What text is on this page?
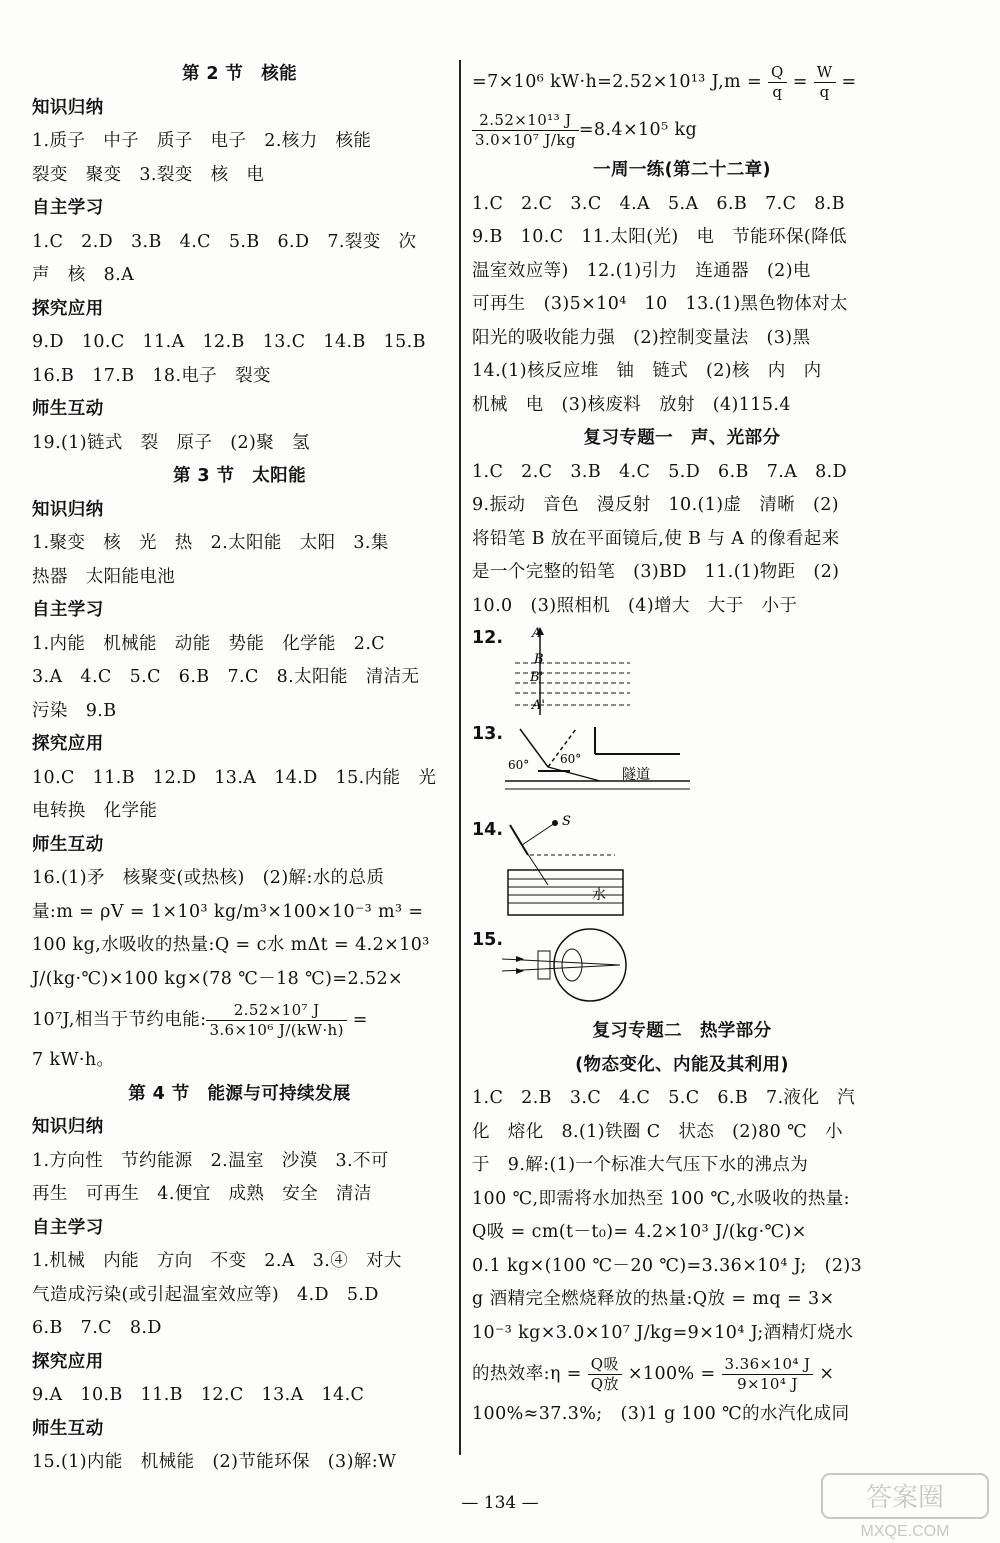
第 2 节　核能
知识归纳
1.质子　中子　质子　电子　2.核力　核能
裂变　聚变　3.裂变　核　电
自主学习
1.C　2.D　3.B　4.C　5.B　6.D　7.裂变　次
声　核　8.A
探究应用
9.D　10.C　11.A　12.B　13.C　14.B　15.B
16.B　17.B　18.电子　裂变
师生互动
19.(1)链式　裂　原子　(2)聚　氢
第 3 节　太阳能
知识归纳
1.聚变　核　光　热　2.太阳能　太阳　3.集
热器　太阳能电池
自主学习
1.内能　机械能　动能　势能　化学能　2.C
3.A　4.C　5.C　6.B　7.C　8.太阳能　清洁无
污染　9.B
探究应用
10.C　11.B　12.D　13.A　14.D　15.内能　光
电转换　化学能
师生互动
16.(1)矛　核聚变(或热核)　(2)解:水的总质
量:m = ρV = 1×10³ kg/m³×100×10⁻³ m³ =
100 kg,水吸收的热量:Q = c水 mΔt = 4.2×10³
J/(kg·℃)×100 kg×(78 ℃－18 ℃)=2.52×
10⁷J,相当于节约电能: $\frac{\text{2.52×10⁷ J}}{\text{3.6×10⁶ J/(kW·h)}}$ =
7 kW·h。
第 4 节　能源与可持续发展
知识归纳
1.方向性　节约能源　2.温室　沙漠　3.不可
再生　可再生　4.便宜　成熟　安全　清洁
自主学习
1.机械　内能　方向　不变　2.A　3.④　对大
气造成污染(或引起温室效应等)　4.D　5.D
6.B　7.C　8.D
探究应用
9.A　10.B　11.B　12.C　13.A　14.C
师生互动
15.(1)内能　机械能　(2)节能环保　(3)解:W
=7×10⁶ kW·h=2.52×10¹³ $J,m = \frac{Q}{q} = \frac{W}{q}$ =
$\frac{\text{2.52×10¹³ J}}{\text{3.0×10⁷ J/kg}} =8.4\times 10^5$ kg
一周一练(第二十二章)
1.C　2.C　3.C　4.A　5.A　6.B　7.C　8.B
9.B　10.C　11.太阳(光)　电　节能环保(降低
温室效应等)　12.(1)引力　连通器　(2)电
可再生　(3)5×10⁴　10　13.(1)黑色物体对太
阳光的吸收能力强　(2)控制变量法　(3)黑
14.(1)核反应堆　铀　链式　(2)核　内　内
机械　电　(3)核废料　放射　(4)115.4
复习专题一　声、光部分
1.C　2.C　3.B　4.C　5.D　6.B　7.A　8.D
9.振动　音色　漫反射　10.(1)虚　清晰　(2)
将铅笔 B 放在平面镜后,使 B 与 A 的像看起来
是一个完整的铅笔　(3)BD　11.(1)物距　(2)
10.0　(3)照相机　(4)增大　大于　小于
12. A
B
B'
A'
13.
60°	60°
隧道
14.	S
水
15.
复习专题二　热学部分
(物态变化、内能及其利用)
1.C　2.B　3.C　4.C　5.C　6.B　7.液化　汽
化　熔化　8.(1)铁圈 C　状态　(2)80 ℃　小
于　9.解:(1)一个标准大气压下水的沸点为
100 ℃,即需将水加热至 100 ℃,水吸收的热量:
Q吸 = cm(t－t₀)= 4.2×10³ J/(kg·℃)×
0.1 kg×(100 ℃－20 ℃)=3.36×10⁴ J;　(2)3
g 酒精完全燃烧释放的热量:Q放 = mq = 3×
10⁻³ kg×3.0×10⁷ J/kg=9×10⁴ J;酒精灯烧水
的热效率:η = $\frac{\text{Q吸}}{\text{Q放}} \times 100\% = \frac{\text{3.36×10⁴ J}}{\text{9×10⁴ J}}$ ×
100%≈37.3%;　(3)1 g 100 ℃的水汽化成同
— 134 —	答案圈
MXQE.COM
